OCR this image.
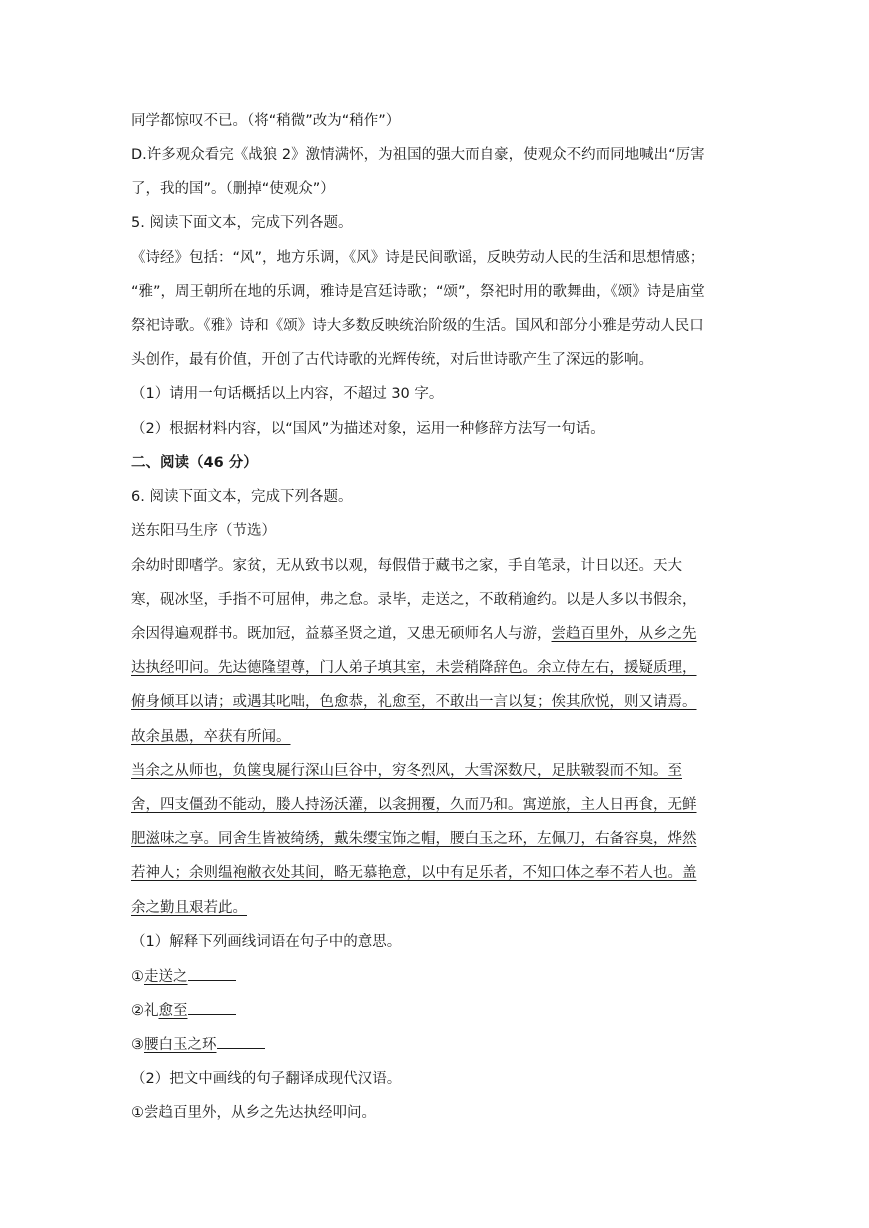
同学都惊叹不已。（将“稍微”改为“稍作”）
D.许多观众看完《战狼 2》激情满怀，为祖国的强大而自豪，使观众不约而同地喊出“厉害
了，我的国”。（删掉“使观众”）
5. 阅读下面文本，完成下列各题。
《诗经》包括：“风”，地方乐调，《风》诗是民间歌谣，反映劳动人民的生活和思想情感；
“雅”，周王朝所在地的乐调，雅诗是宫廷诗歌；“颂”，祭祀时用的歌舞曲，《颂》诗是庙堂
祭祀诗歌。《雅》诗和《颂》诗大多数反映统治阶级的生活。国风和部分小雅是劳动人民口
头创作，最有价值，开创了古代诗歌的光辉传统，对后世诗歌产生了深远的影响。
（1）请用一句话概括以上内容，不超过 30 字。
（2）根据材料内容，以“国风”为描述对象，运用一种修辞方法写一句话。
二、阅读（46 分）
6. 阅读下面文本，完成下列各题。
送东阳马生序（节选）
余幼时即嗜学。家贫，无从致书以观，每假借于藏书之家，手自笔录，计日以还。天大
寒，砚冰坚，手指不可屈伸，弗之怠。录毕，走送之，不敢稍逾约。以是人多以书假余，
余因得遍观群书。既加冠，益慕圣贤之道，又患无硕师名人与游，尝趋百里外，从乡之先
达执经叩问。先达德隆望尊，门人弟子填其室，未尝稍降辞色。余立侍左右，援疑质理，
俯身倾耳以请；或遇其叱咄，色愈恭，礼愈至，不敢出一言以复；俟其欣悦，则又请焉。
故余虽愚，卒获有所闻。
当余之从师也，负箧曳屣行深山巨谷中，穷冬烈风，大雪深数尺，足肤皲裂而不知。至
舍，四支僵劲不能动，媵人持汤沃灌，以衾拥覆，久而乃和。寓逆旅，主人日再食，无鲜
肥滋味之享。同舍生皆被绮绣，戴朱缨宝饰之帽，腰白玉之环，左佩刀，右备容臭，烨然
若神人；余则缊袍敝衣处其间，略无慕艳意，以中有足乐者，不知口体之奉不若人也。盖
余之勤且艰若此。
（1）解释下列画线词语在句子中的意思。
①走送之
②礼愈至
③腰白玉之环
（2）把文中画线的句子翻译成现代汉语。
①尝趋百里外，从乡之先达执经叩问。
